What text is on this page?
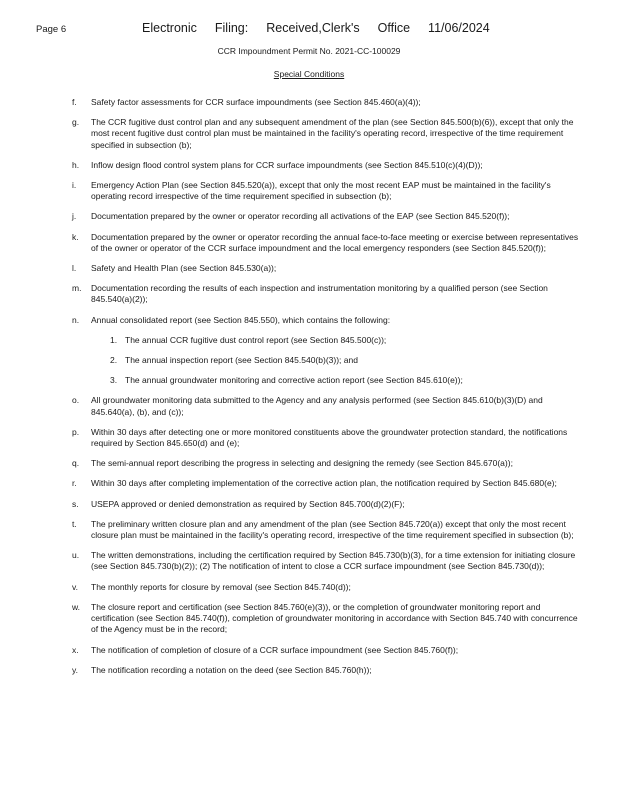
Page 6	Electronic Filing: Received,Clerk's Office 11/06/2024
CCR Impoundment Permit No. 2021-CC-100029
Special Conditions
f.	Safety factor assessments for CCR surface impoundments (see Section 845.460(a)(4));
g.	The CCR fugitive dust control plan and any subsequent amendment of the plan (see Section 845.500(b)(6)), except that only the most recent fugitive dust control plan must be maintained in the facility's operating record, irrespective of the time requirement specified in subsection (b);
h.	Inflow design flood control system plans for CCR surface impoundments (see Section 845.510(c)(4)(D));
i.	Emergency Action Plan (see Section 845.520(a)), except that only the most recent EAP must be maintained in the facility's operating record irrespective of the time requirement specified in subsection (b);
j.	Documentation prepared by the owner or operator recording all activations of the EAP (see Section 845.520(f));
k.	Documentation prepared by the owner or operator recording the annual face-to-face meeting or exercise between representatives of the owner or operator of the CCR surface impoundment and the local emergency responders (see Section 845.520(f));
l.	Safety and Health Plan (see Section 845.530(a));
m. Documentation recording the results of each inspection and instrumentation monitoring by a qualified person (see Section 845.540(a)(2));
n.	Annual consolidated report (see Section 845.550), which contains the following:
1. The annual CCR fugitive dust control report (see Section 845.500(c));
2. The annual inspection report (see Section 845.540(b)(3)); and
3. The annual groundwater monitoring and corrective action report (see Section 845.610(e));
o.	All groundwater monitoring data submitted to the Agency and any analysis performed (see Section 845.610(b)(3)(D) and 845.640(a), (b), and (c));
p.	Within 30 days after detecting one or more monitored constituents above the groundwater protection standard, the notifications required by Section 845.650(d) and (e);
q.	The semi-annual report describing the progress in selecting and designing the remedy (see Section 845.670(a));
r.	Within 30 days after completing implementation of the corrective action plan, the notification required by Section 845.680(e);
s.	USEPA approved or denied demonstration as required by Section 845.700(d)(2)(F);
t.	The preliminary written closure plan and any amendment of the plan (see Section 845.720(a)) except that only the most recent closure plan must be maintained in the facility's operating record, irrespective of the time requirement specified in subsection (b);
u.	The written demonstrations, including the certification required by Section 845.730(b)(3), for a time extension for initiating closure (see Section 845.730(b)(2)); (2) The notification of intent to close a CCR surface impoundment (see Section 845.730(d));
v.	The monthly reports for closure by removal (see Section 845.740(d));
w.	The closure report and certification (see Section 845.760(e)(3)), or the completion of groundwater monitoring report and certification (see Section 845.740(f)), completion of groundwater monitoring in accordance with Section 845.740 with concurrence of the Agency must be in the record;
x.	The notification of completion of closure of a CCR surface impoundment (see Section 845.760(f));
y.	The notification recording a notation on the deed (see Section 845.760(h));
